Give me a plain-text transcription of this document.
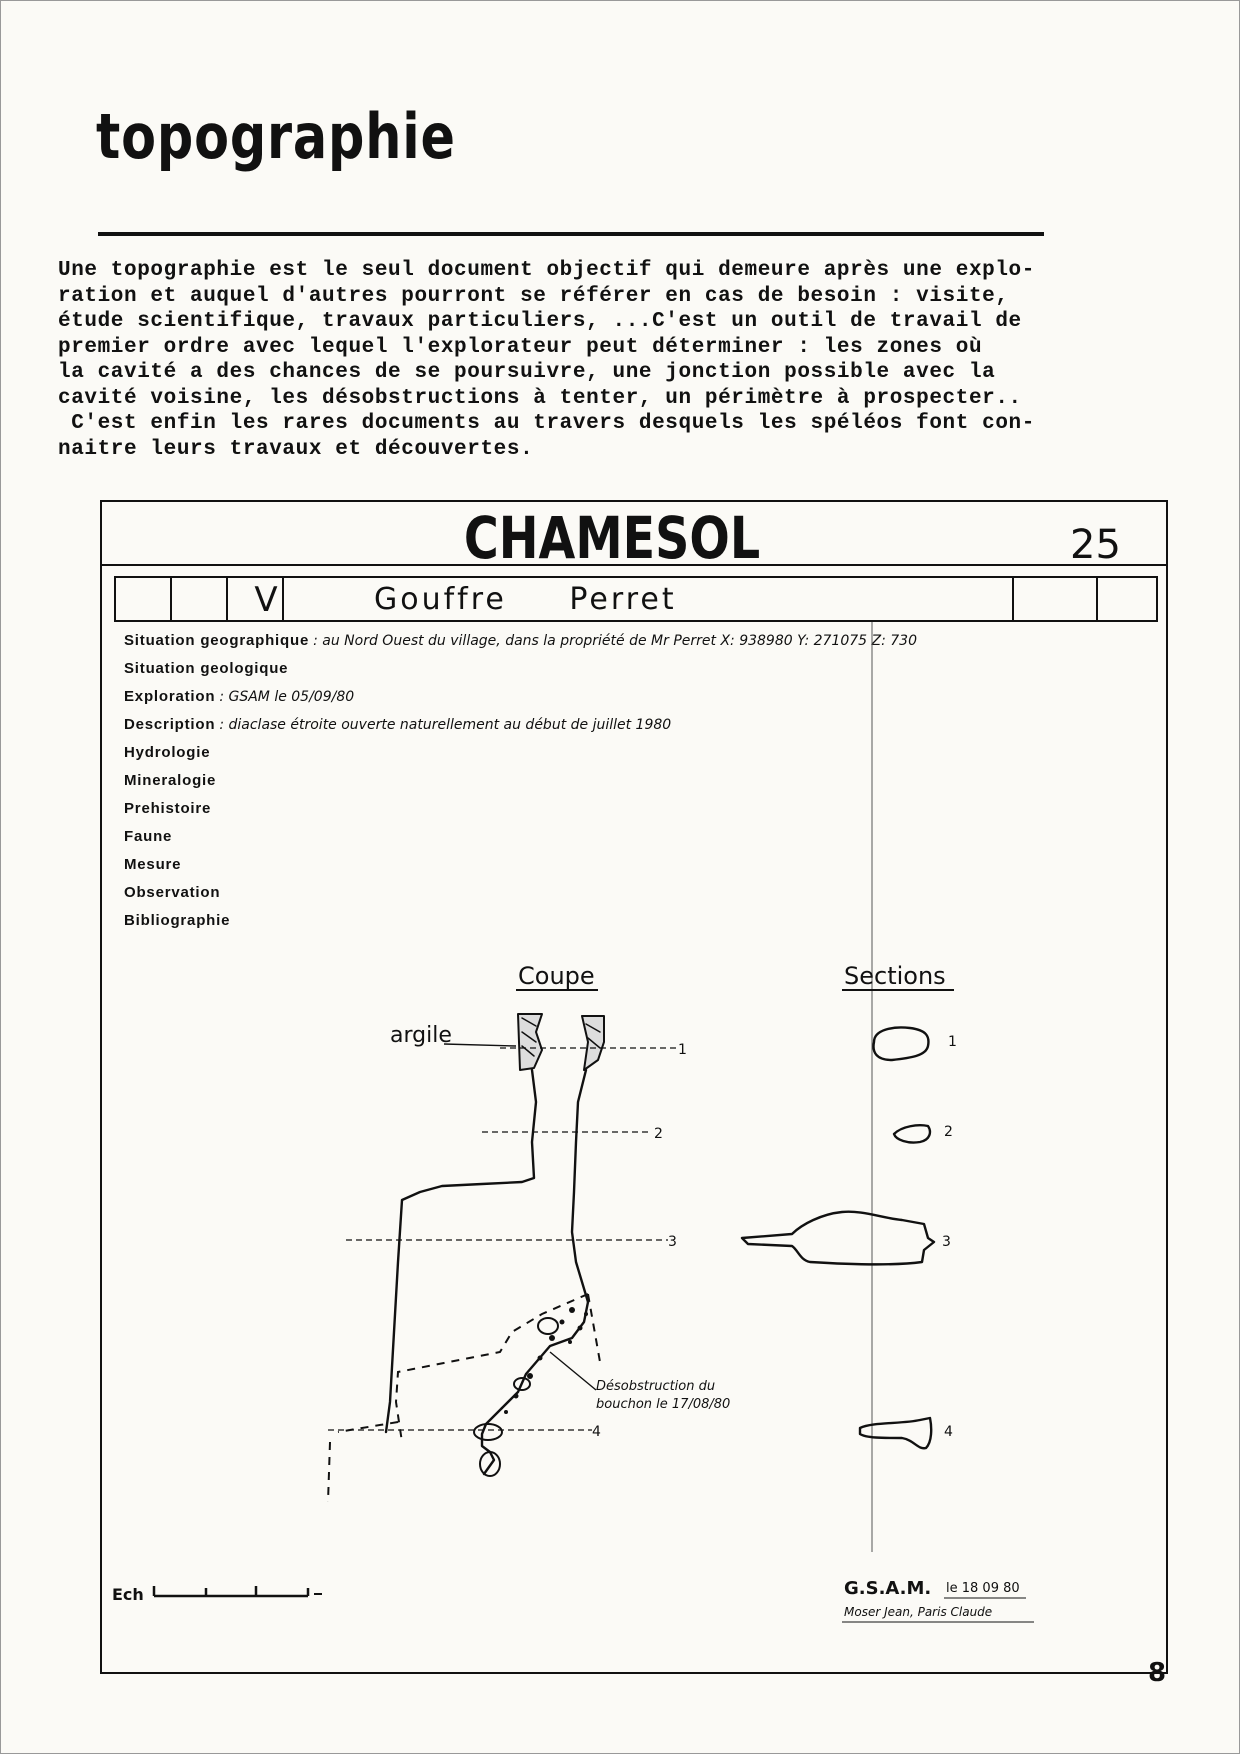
topographie
Une topographie est le seul document objectif qui demeure après une explo-
ration et auquel d'autres pourront se référer en cas de besoin : visite,
étude scientifique, travaux particuliers, ...C'est un outil de travail de
premier ordre avec lequel l'explorateur peut déterminer : les zones où
la cavité a des chances de se poursuivre, une jonction possible avec la
cavité voisine, les désobstructions à tenter, un périmètre à prospecter..
C'est enfin les rares documents au travers desquels les spéléos font con-
naitre leurs travaux et découvertes.
CHAMESOL	25
V	Gouffre Perret
Situation geographique : au Nord Ouest du village, dans la propriété de Mr Perret X: 938980 Y: 271075 Z: 730
Situation geologique
Exploration : GSAM le 05/09/80
Description : diaclase étroite ouverte naturellement au début de juillet 1980
Hydrologie
Mineralogie
Prehistoire
Faune
Mesure
Observation
Bibliographie
Coupe	Sections
1
2
3
4
argile
Désobstruction du
bouchon le 17/08/80
1
2
3
4
Ech	G.S.A.M. le 18 09 80
Moser Jean, Paris Claude
8
